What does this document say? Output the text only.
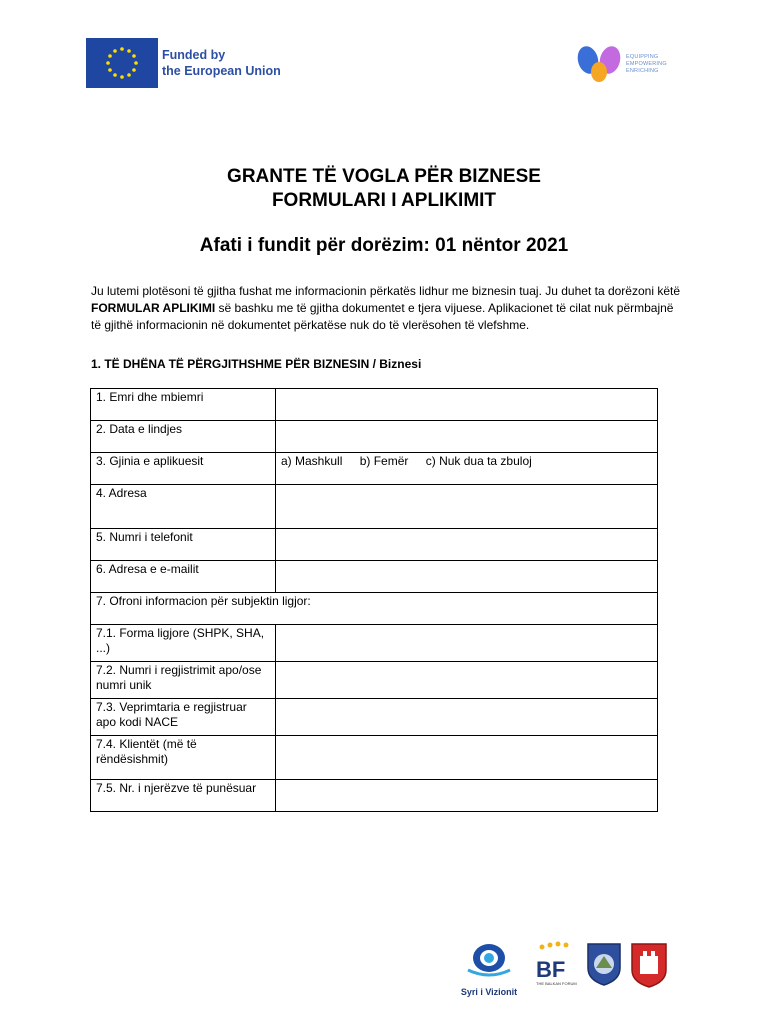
Funded by
the European Union
EQUIPPING
EMPOWERING
ENRICHING
GRANTE TË VOGLA PËR BIZNESE
FORMULARI I APLIKIMIT
Afati i fundit për dorëzim: 01 nëntor 2021
Ju lutemi plotësoni të gjitha fushat me informacionin përkatës lidhur me biznesin tuaj. Ju duhet ta dorëzoni këtë FORMULAR APLIKIMI së bashku me të gjitha dokumentet e tjera vijuese. Aplikacionet të cilat nuk përmbajnë të gjithë informacionin në dokumentet përkatëse nuk do të vlerësohen të vlefshme.
1. TË DHËNA TË PËRGJITHSHME PËR BIZNESIN / Biznesi
1. Emri dhe mbiemri	
2. Data e lindjes	
3. Gjinia e aplikuesit	a) Mashkull b) Femër c) Nuk dua ta zbuloj
4. Adresa	
5. Numri i telefonit	
6. Adresa e e-mailit	
7. Ofroni informacion për subjektin ligjor:	
7.1. Forma ligjore (SHPK, SHA, ...)	
7.2. Numri i regjistrimit apo/ose numri unik	
7.3. Veprimtaria e regjistruar apo kodi NACE	
7.4. Klientët (më të rëndësishmit)	
7.5. Nr. i njerëzve të punësuar	
Syri i Vizionit
BF
THE BALKAN FORUM
